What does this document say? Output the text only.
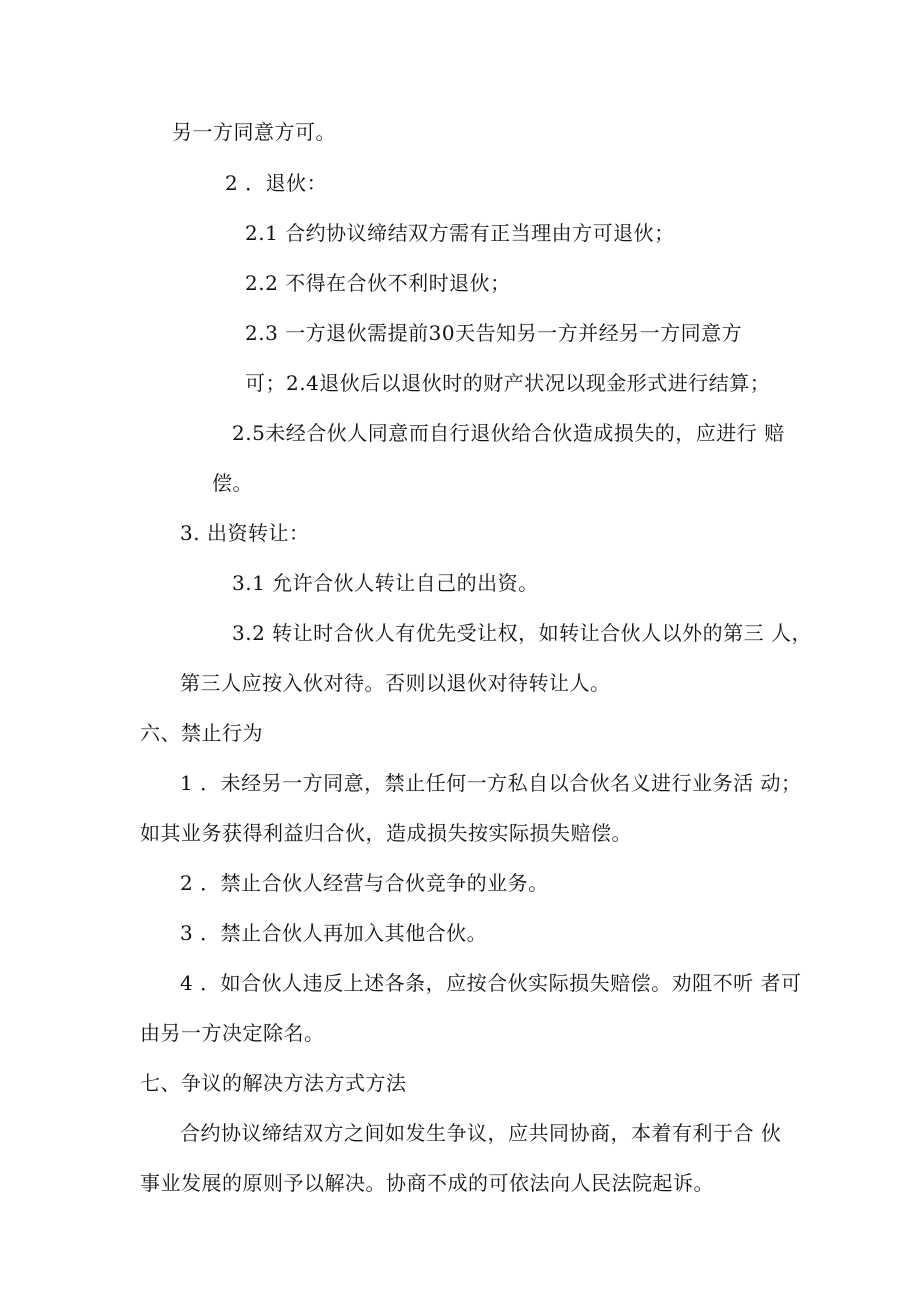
另一方同意方可。
2 ．退伙：
2.1 合约协议缔结双方需有正当理由方可退伙；
2.2 不得在合伙不利时退伙；
2.3 一方退伙需提前30天告知另一方并经另一方同意方
可；2.4退伙后以退伙时的财产状况以现金形式进行结算；
2.5未经合伙人同意而自行退伙给合伙造成损失的，应进行 赔
偿。
3. 出资转让：
3.1 允许合伙人转让自己的出资。
3.2 转让时合伙人有优先受让权，如转让合伙人以外的第三 人，
第三人应按入伙对待。否则以退伙对待转让人。
六、禁止行为
1 ．未经另一方同意，禁止任何一方私自以合伙名义进行业务活 动；
如其业务获得利益归合伙，造成损失按实际损失赔偿。
2 ．禁止合伙人经营与合伙竞争的业务。
3 ．禁止合伙人再加入其他合伙。
4 ．如合伙人违反上述各条，应按合伙实际损失赔偿。劝阻不听 者可
由另一方决定除名。
七、争议的解决方法方式方法
合约协议缔结双方之间如发生争议，应共同协商，本着有利于合 伙
事业发展的原则予以解决。协商不成的可依法向人民法院起诉。
